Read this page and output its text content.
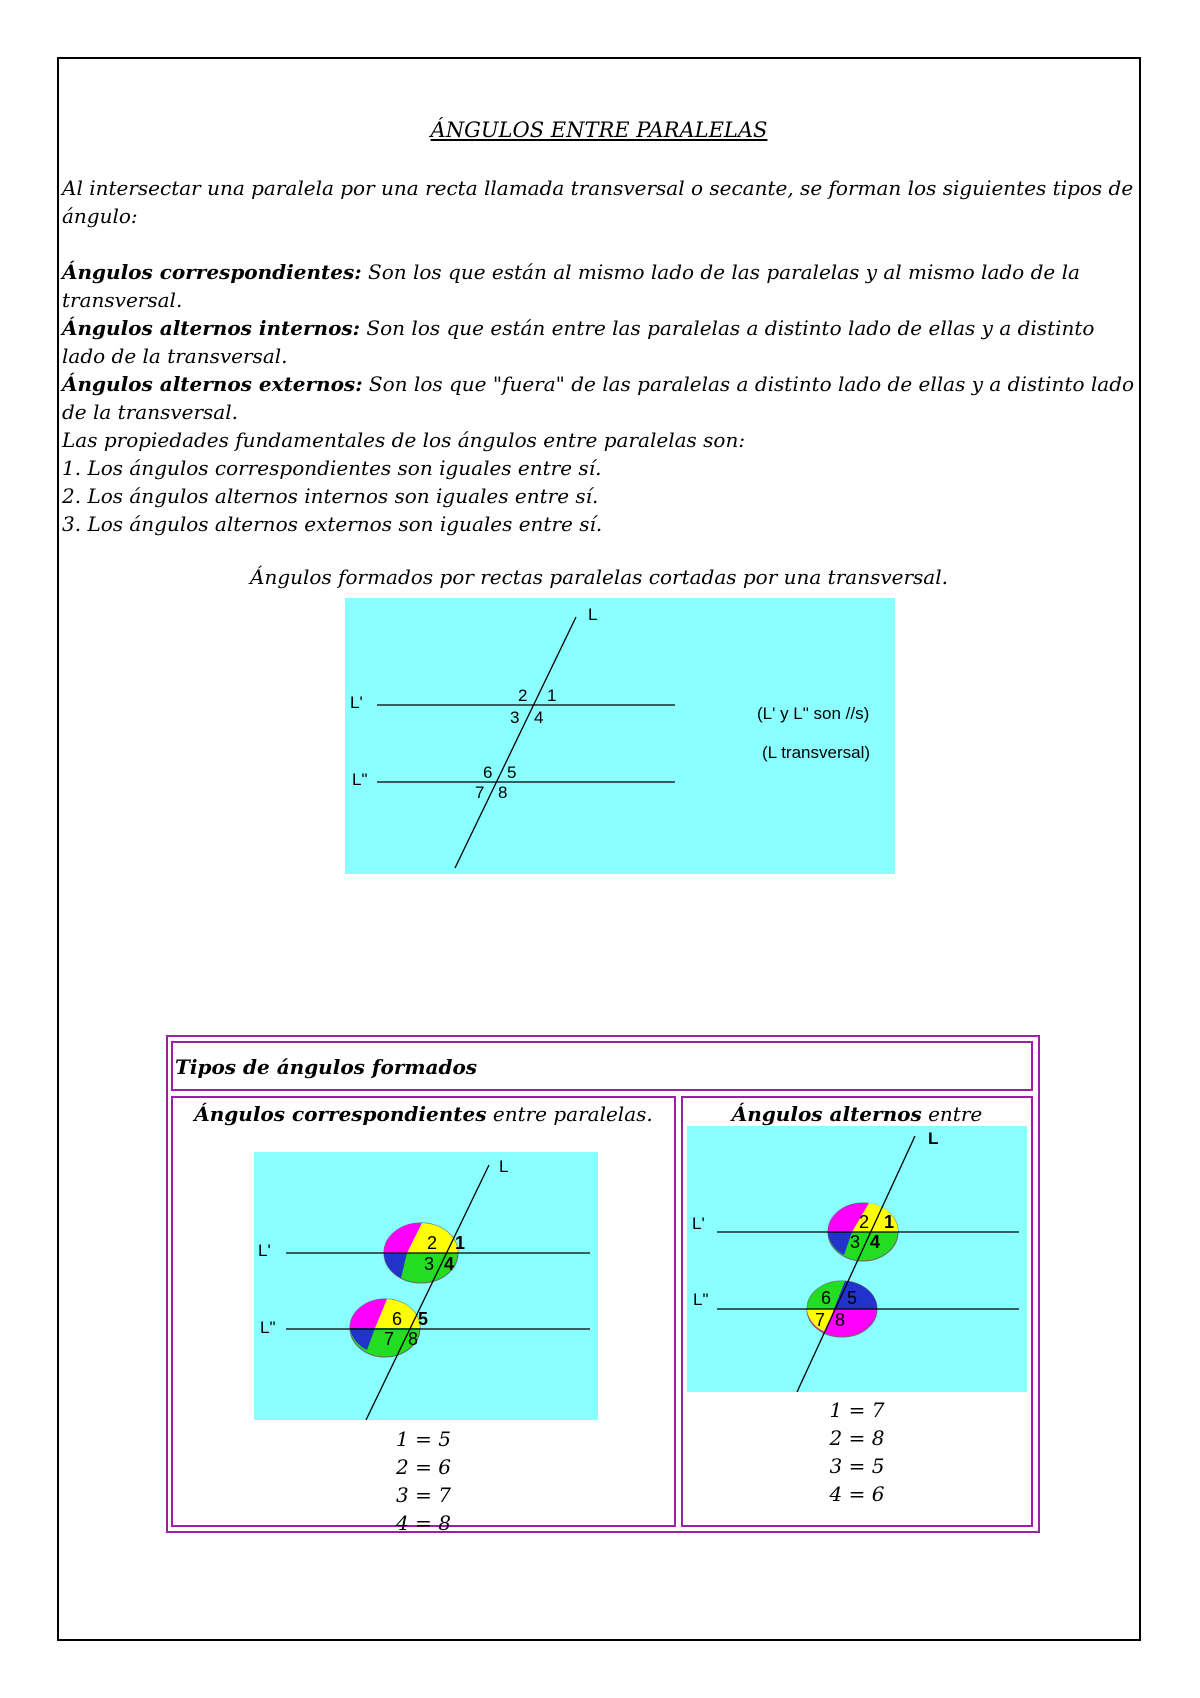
ÁNGULOS ENTRE PARALELAS

Al intersectar una paralela por una recta llamada transversal o secante, se forman los siguientes tipos de ángulo:

Ángulos correspondientes: Son los que están al mismo lado de las paralelas y al mismo lado de la transversal.

Ángulos alternos internos: Son los que están entre las paralelas a distinto lado de ellas y a distinto lado de la transversal.

Ángulos alternos externos: Son los que "fuera" de las paralelas a distinto lado de ellas y a distinto lado de la transversal.

Las propiedades fundamentales de los ángulos entre paralelas son:

1. Los ángulos correspondientes son iguales entre sí.

2. Los ángulos alternos internos son iguales entre sí.

3. Los ángulos alternos externos son iguales entre sí.

Ángulos formados por rectas paralelas cortadas por una transversal.
L
L'
L"
2 1
3 4
6 5
7 8
(L' y L" son //s)
(L transversal)
Tipos de ángulos formados
Ángulos correspondientes entre paralelas.
L
L'
L"
2 1
3 4
6 5
7 8
1 = 5
2 = 6
3 = 7
4 = 8
Ángulos alternos entre
L
L'
L"
2 1
3 4
6 5
7 8
1 = 7
2 = 8
3 = 5
4 = 6
